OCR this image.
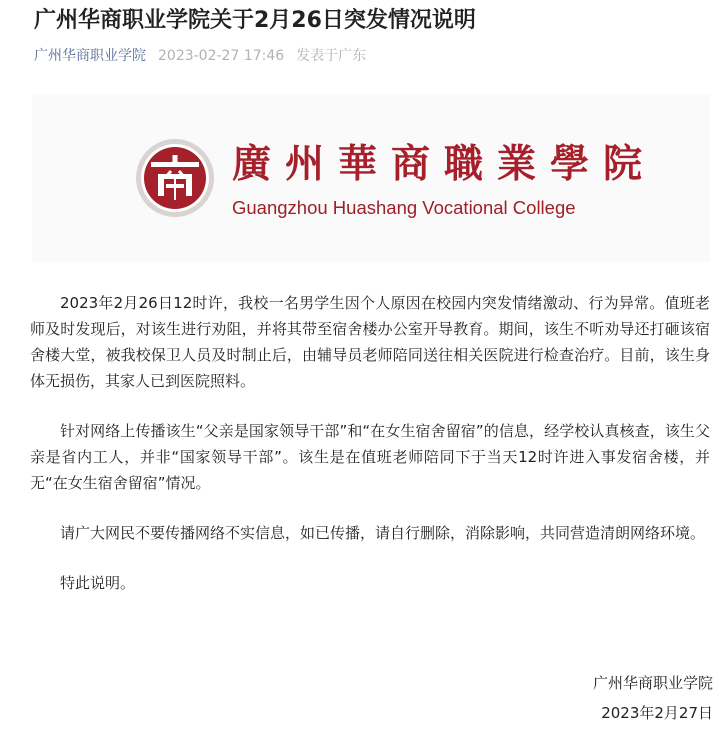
广州华商职业学院关于2月26日突发情况说明
广州华商职业学院 2023-02-27 17:46 发表于广东
廣州華商職業學院
Guangzhou Huashang Vocational College

2023年2月26日12时许，我校一名男学生因个人原因在校园内突发情绪激动、行为异常。值班老师及时发现后，对该生进行劝阻，并将其带至宿舍楼办公室开导教育。期间，该生不听劝导还打砸该宿舍楼大堂，被我校保卫人员及时制止后，由辅导员老师陪同送往相关医院进行检查治疗。目前，该生身体无损伤，其家人已到医院照料。

针对网络上传播该生“父亲是国家领导干部”和“在女生宿舍留宿”的信息，经学校认真核查，该生父亲是省内工人，并非“国家领导干部”。该生是在值班老师陪同下于当天12时许进入事发宿舍楼，并无“在女生宿舍留宿”情况。

请广大网民不要传播网络不实信息，如已传播，请自行删除，消除影响，共同营造清朗网络环境。

特此说明。

广州华商职业学院
2023年2月27日
